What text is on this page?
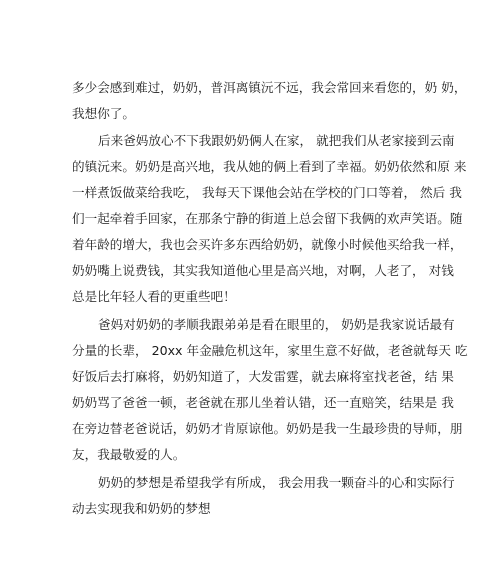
多少会感到难过，奶奶，普洱离镇沅不远，我会常回来看您的，奶 奶，
我想你了。
后来爸妈放心不下我跟奶奶俩人在家， 就把我们从老家接到云南
的镇沅来。奶奶是高兴地，我从她的俩上看到了幸福。奶奶依然和原 来
一样煮饭做菜给我吃， 我每天下课他会站在学校的门口等着， 然后 我
们一起牵着手回家，在那条宁静的街道上总会留下我俩的欢声笑语。随
着年龄的增大，我也会买许多东西给奶奶，就像小时候他买给我一样，
奶奶嘴上说费钱，其实我知道他心里是高兴地，对啊，人老了， 对钱
总是比年轻人看的更重些吧！
爸妈对奶奶的孝顺我跟弟弟是看在眼里的， 奶奶是我家说话最有
分量的长辈， 20xx 年金融危机这年，家里生意不好做，老爸就每天 吃
好饭后去打麻将，奶奶知道了，大发雷霆，就去麻将室找老爸，结 果
奶奶骂了爸爸一顿，老爸就在那儿坐着认错，还一直赔笑，结果是 我
在旁边替老爸说话，奶奶才肯原谅他。奶奶是我一生最珍贵的导师，朋
友，我最敬爱的人。
奶奶的梦想是希望我学有所成， 我会用我一颗奋斗的心和实际行
动去实现我和奶奶的梦想
